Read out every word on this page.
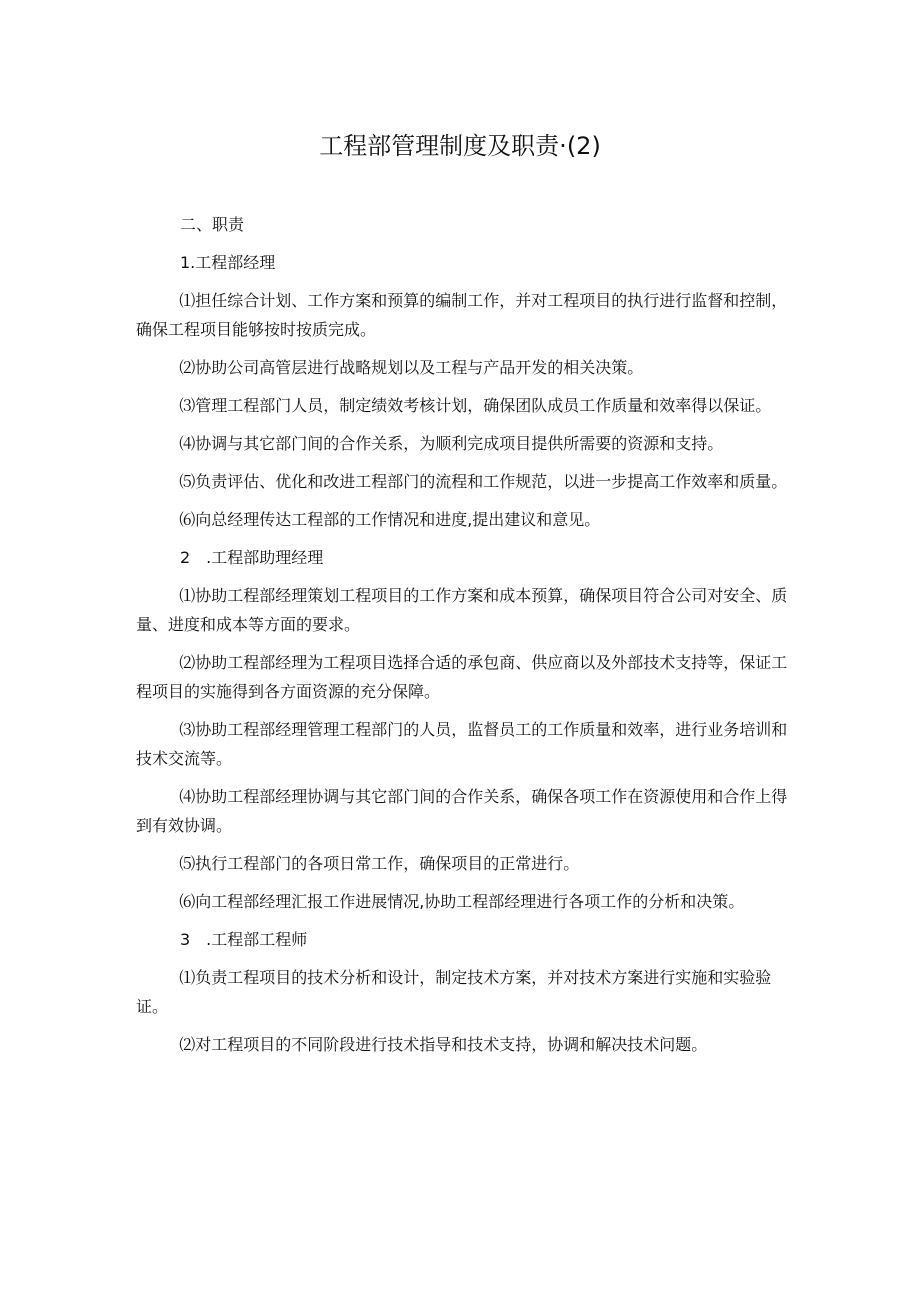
工程部管理制度及职责·(2)
二、职责
1.工程部经理
⑴担任综合计划、工作方案和预算的编制工作，并对工程项目的执行进行监督和控制，确保工程项目能够按时按质完成。
⑵协助公司高管层进行战略规划以及工程与产品开发的相关决策。
⑶管理工程部门人员，制定绩效考核计划，确保团队成员工作质量和效率得以保证。
⑷协调与其它部门间的合作关系，为顺利完成项目提供所需要的资源和支持。
⑸负责评估、优化和改进工程部门的流程和工作规范，以进一步提高工作效率和质量。
⑹向总经理传达工程部的工作情况和进度,提出建议和意见。
2　.工程部助理经理
⑴协助工程部经理策划工程项目的工作方案和成本预算，确保项目符合公司对安全、质量、进度和成本等方面的要求。
⑵协助工程部经理为工程项目选择合适的承包商、供应商以及外部技术支持等，保证工程项目的实施得到各方面资源的充分保障。
⑶协助工程部经理管理工程部门的人员，监督员工的工作质量和效率，进行业务培训和技术交流等。
⑷协助工程部经理协调与其它部门间的合作关系，确保各项工作在资源使用和合作上得到有效协调。
⑸执行工程部门的各项日常工作，确保项目的正常进行。
⑹向工程部经理汇报工作进展情况,协助工程部经理进行各项工作的分析和决策。
3　.工程部工程师
⑴负责工程项目的技术分析和设计，制定技术方案，并对技术方案进行实施和实验验证。
⑵对工程项目的不同阶段进行技术指导和技术支持，协调和解决技术问题。
